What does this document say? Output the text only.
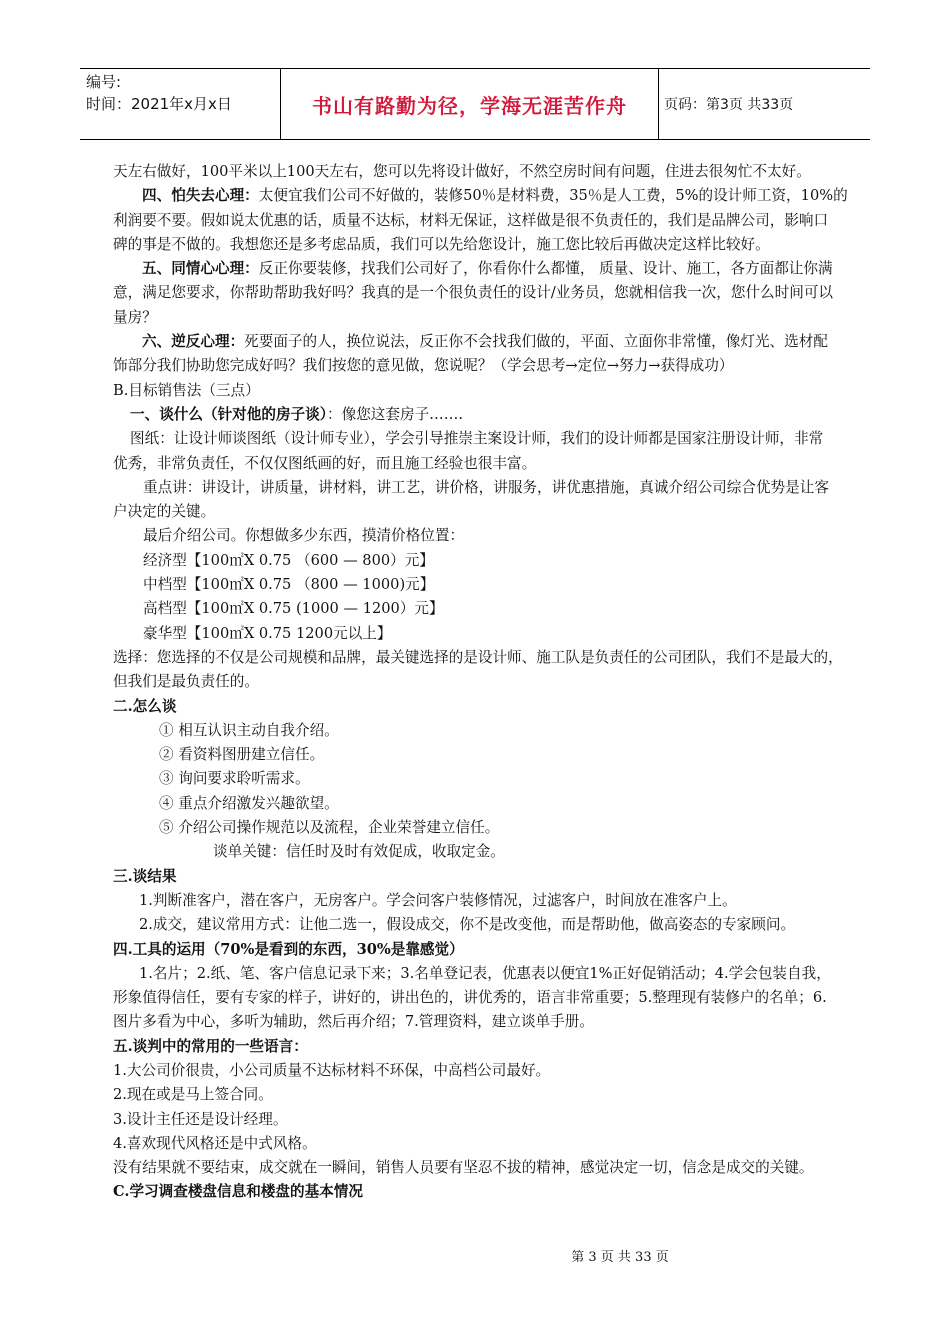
编号:
时间：2021年x月x日	书山有路勤为径，学海无涯苦作舟	页码：第3页 共33页

天左右做好，100平米以上100天左右，您可以先将设计做好，不然空房时间有问题，住进去很匆忙不太好。

四、怕失去心理：太便宜我们公司不好做的，装修50％是材料费，35％是人工费，5%的设计师工资，10%的

利润要不要。假如说太优惠的话，质量不达标，材料无保证，这样做是很不负责任的，我们是品牌公司，影响口

碑的事是不做的。我想您还是多考虑品质，我们可以先给您设计，施工您比较后再做决定这样比较好。

五、同情心心理：反正你要装修，找我们公司好了，你看你什么都懂， 质量、设计、施工，各方面都让你满

意，满足您要求，你帮助帮助我好吗？我真的是一个很负责任的设计/业务员，您就相信我一次，您什么时间可以

量房？

六、逆反心理：死要面子的人，换位说法，反正你不会找我们做的，平面、立面你非常懂，像灯光、选材配

饰部分我们协助您完成好吗？我们按您的意见做，您说呢？（学会思考→定位→努力→获得成功）

B.目标销售法（三点）

一、谈什么（针对他的房子谈）：像您这套房子…….

图纸：让设计师谈图纸（设计师专业），学会引导推崇主案设计师，我们的设计师都是国家注册设计师，非常

优秀，非常负责任，不仅仅图纸画的好，而且施工经验也很丰富。

重点讲：讲设计，讲质量，讲材料，讲工艺，讲价格，讲服务，讲优惠措施，真诚介绍公司综合优势是让客

户决定的关键。

最后介绍公司。你想做多少东西，摸清价格位置：

经济型【100㎡X 0.75 （600 — 800）元】

中档型【100㎡X 0.75 （800 — 1000)元】

高档型【100㎡X 0.75 (1000 — 1200）元】

豪华型【100㎡X 0.75 1200元以上】

选择：您选择的不仅是公司规模和品牌，最关键选择的是设计师、施工队是负责任的公司团队，我们不是最大的，

但我们是最负责任的。

二.怎么谈

① 相互认识主动自我介绍。

② 看资料图册建立信任。

③ 询问要求聆听需求。

④ 重点介绍激发兴趣欲望。

⑤ 介绍公司操作规范以及流程，企业荣誉建立信任。

谈单关键：信任时及时有效促成，收取定金。

三.谈结果

1.判断准客户，潜在客户，无房客户。学会问客户装修情况，过滤客户，时间放在准客户上。

2.成交，建议常用方式：让他二选一，假设成交，你不是改变他，而是帮助他，做高姿态的专家顾问。

四.工具的运用（70%是看到的东西，30%是靠感觉）

1.名片；2.纸、笔、客户信息记录下来；3.名单登记表，优惠表以便宜1%正好促销活动；4.学会包装自我，

形象值得信任，要有专家的样子，讲好的，讲出色的，讲优秀的，语言非常重要；5.整理现有装修户的名单；6.

图片多看为中心，多听为辅助，然后再介绍；7.管理资料，建立谈单手册。

五.谈判中的常用的一些语言：

1.大公司价很贵，小公司质量不达标材料不环保，中高档公司最好。

2.现在或是马上签合同。

3.设计主任还是设计经理。

4.喜欢现代风格还是中式风格。

没有结果就不要结束，成交就在一瞬间，销售人员要有坚忍不拔的精神，感觉决定一切，信念是成交的关键。

C.学习调查楼盘信息和楼盘的基本情况

第 3 页 共 33 页
